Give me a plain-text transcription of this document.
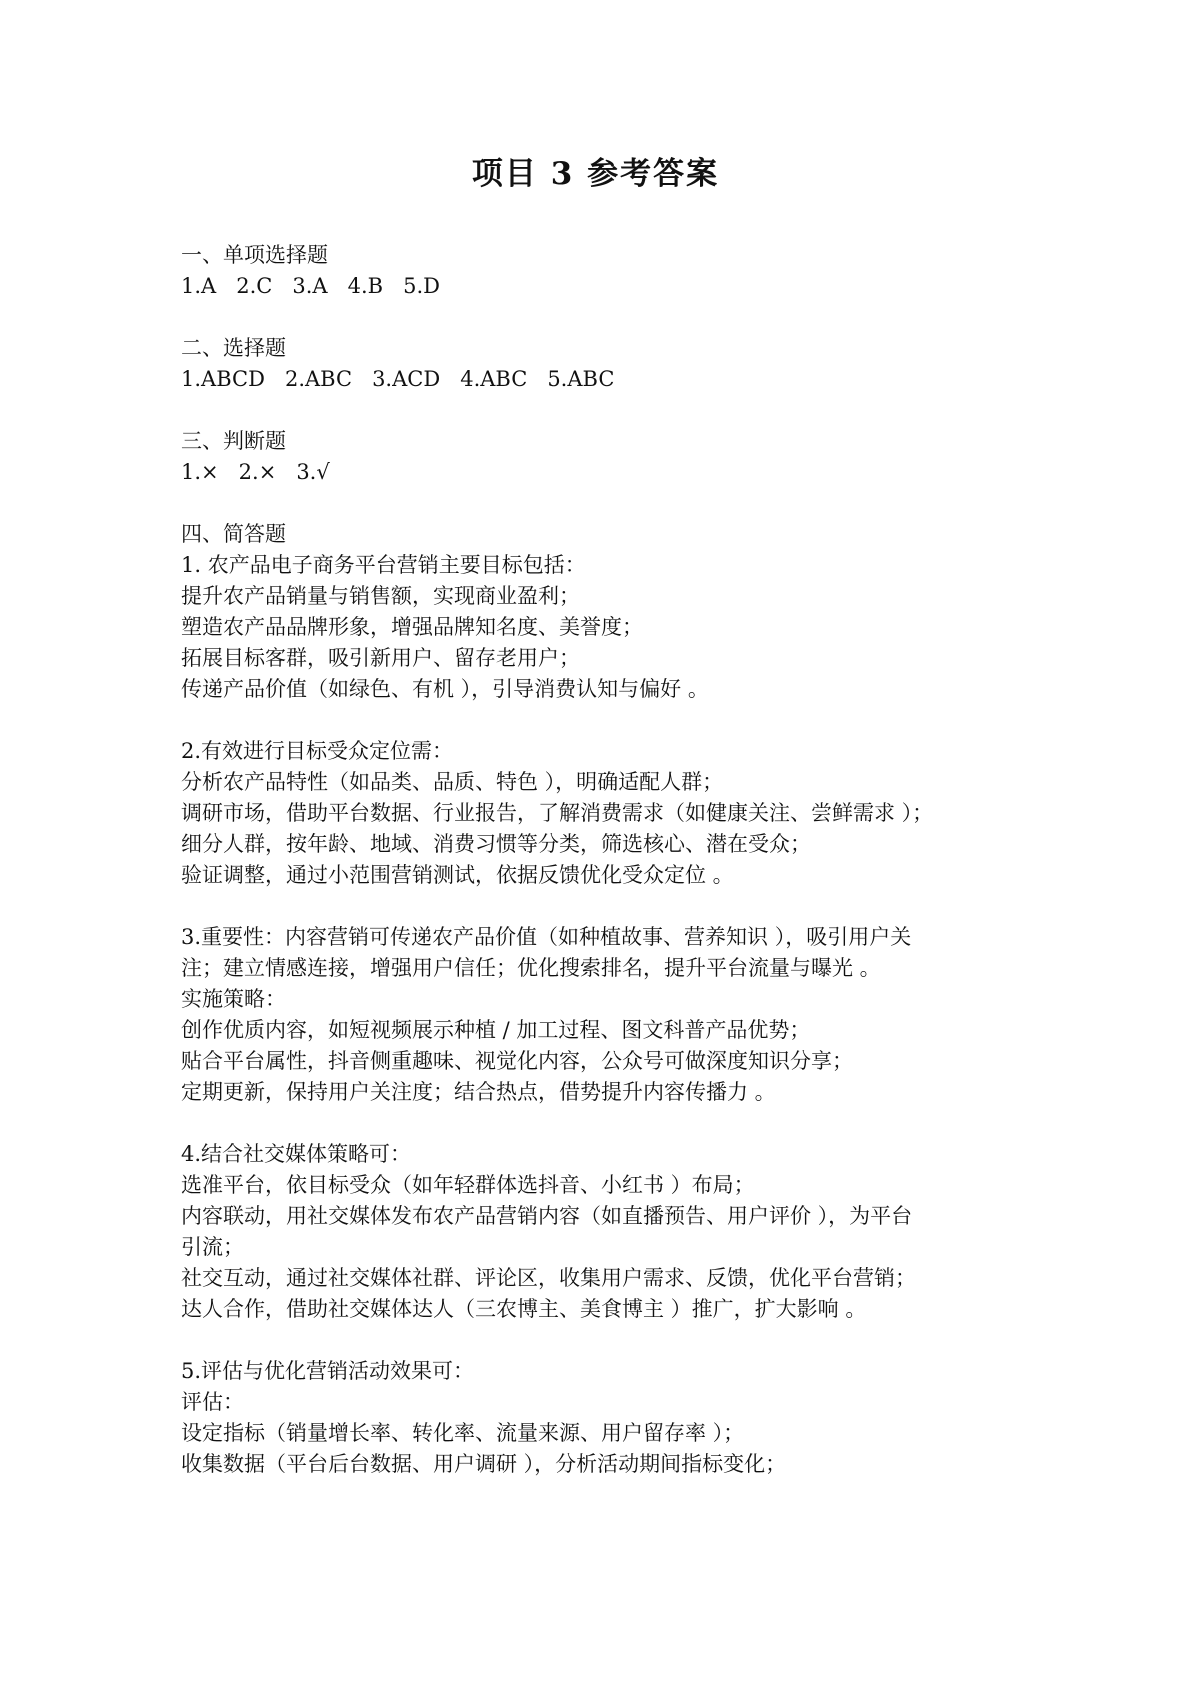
项目 3 参考答案
一、单项选择题
1.A   2.C   3.A   4.B   5.D
二、选择题
1.ABCD   2.ABC   3.ACD   4.ABC   5.ABC
三、判断题
1.×   2.×   3.√
四、简答题
1. 农产品电子商务平台营销主要目标包括：
提升农产品销量与销售额，实现商业盈利；
塑造农产品品牌形象，增强品牌知名度、美誉度；
拓展目标客群，吸引新用户、留存老用户；
传递产品价值（如绿色、有机 ），引导消费认知与偏好 。
2.有效进行目标受众定位需：
分析农产品特性（如品类、品质、特色 ），明确适配人群；
调研市场，借助平台数据、行业报告，了解消费需求（如健康关注、尝鲜需求 ）；
细分人群，按年龄、地域、消费习惯等分类，筛选核心、潜在受众；
验证调整，通过小范围营销测试，依据反馈优化受众定位 。
3.重要性：内容营销可传递农产品价值（如种植故事、营养知识 ），吸引用户关
注；建立情感连接，增强用户信任；优化搜索排名，提升平台流量与曝光 。
实施策略：
创作优质内容，如短视频展示种植 / 加工过程、图文科普产品优势；
贴合平台属性，抖音侧重趣味、视觉化内容，公众号可做深度知识分享；
定期更新，保持用户关注度；结合热点，借势提升内容传播力 。
4.结合社交媒体策略可：
选准平台，依目标受众（如年轻群体选抖音、小红书 ）布局；
内容联动，用社交媒体发布农产品营销内容（如直播预告、用户评价 ），为平台
引流；
社交互动，通过社交媒体社群、评论区，收集用户需求、反馈，优化平台营销；
达人合作，借助社交媒体达人（三农博主、美食博主 ）推广，扩大影响 。
5.评估与优化营销活动效果可：
评估：
设定指标（销量增长率、转化率、流量来源、用户留存率 ）；
收集数据（平台后台数据、用户调研 ），分析活动期间指标变化；
